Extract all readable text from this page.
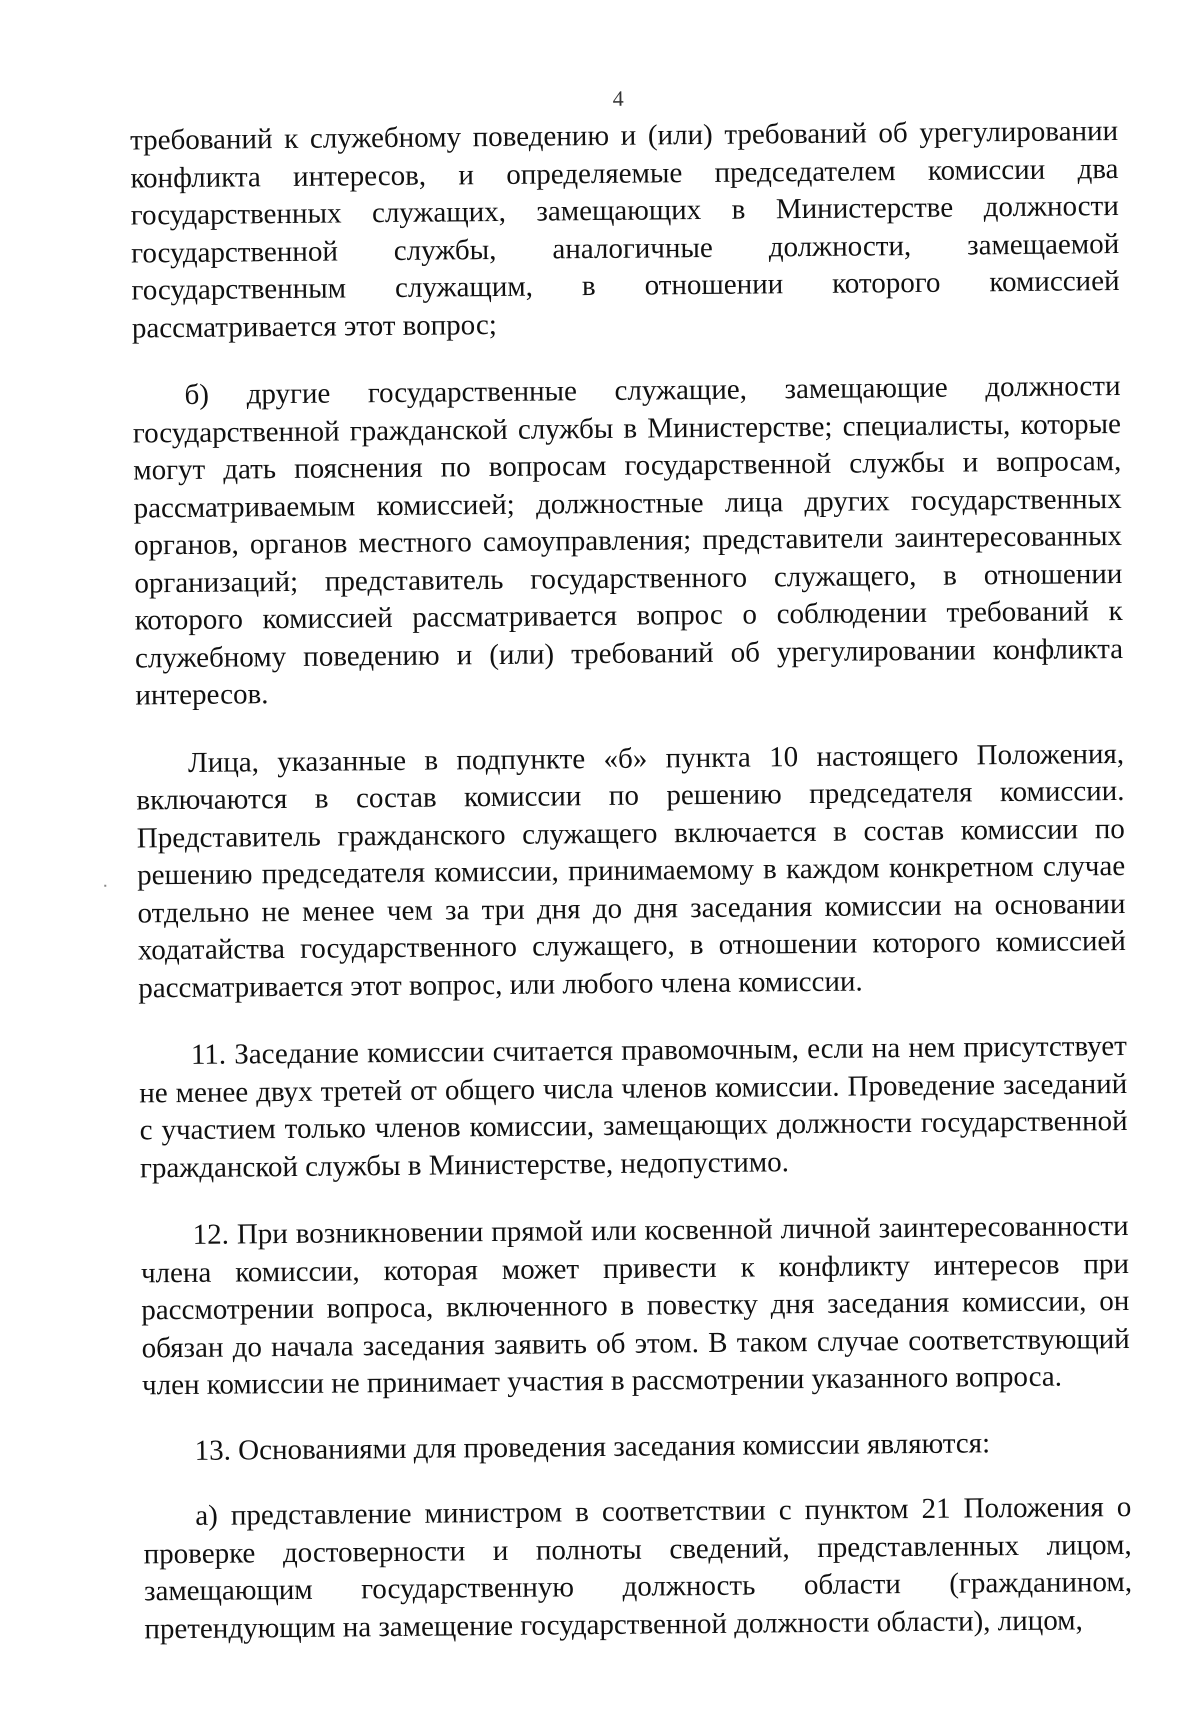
4

требований к служебному поведению и (или) требований об урегулировании конфликта интересов, и определяемые председателем комиссии два государственных служащих, замещающих в Министерстве должности государственной службы, аналогичные должности, замещаемой государственным служащим, в отношении которого комиссией рассматривается этот вопрос;

б) другие государственные служащие, замещающие должности государственной гражданской службы в Министерстве; специалисты, которые могут дать пояснения по вопросам государственной службы и вопросам, рассматриваемым комиссией; должностные лица других государственных органов, органов местного самоуправления; представители заинтересованных организаций; представитель государственного служащего, в отношении которого комиссией рассматривается вопрос о соблюдении требований к служебному поведению и (или) требований об урегулировании конфликта интересов.

Лица, указанные в подпункте «б» пункта 10 настоящего Положения, включаются в состав комиссии по решению председателя комиссии. Представитель гражданского служащего включается в состав комиссии по решению председателя комиссии, принимаемому в каждом конкретном случае отдельно не менее чем за три дня до дня заседания комиссии на основании ходатайства государственного служащего, в отношении которого комиссией рассматривается этот вопрос, или любого члена комиссии.

11. Заседание комиссии считается правомочным, если на нем присутствует не менее двух третей от общего числа членов комиссии. Проведение заседаний с участием только членов комиссии, замещающих должности государственной гражданской службы в Министерстве, недопустимо.

12. При возникновении прямой или косвенной личной заинтересованности члена комиссии, которая может привести к конфликту интересов при рассмотрении вопроса, включенного в повестку дня заседания комиссии, он обязан до начала заседания заявить об этом. В таком случае соответствующий член комиссии не принимает участия в рассмотрении указанного вопроса.

13. Основаниями для проведения заседания комиссии являются:

а) представление министром в соответствии с пунктом 21 Положения о проверке достоверности и полноты сведений, представленных лицом, замещающим государственную должность области (гражданином, претендующим на замещение государственной должности области), лицом,
